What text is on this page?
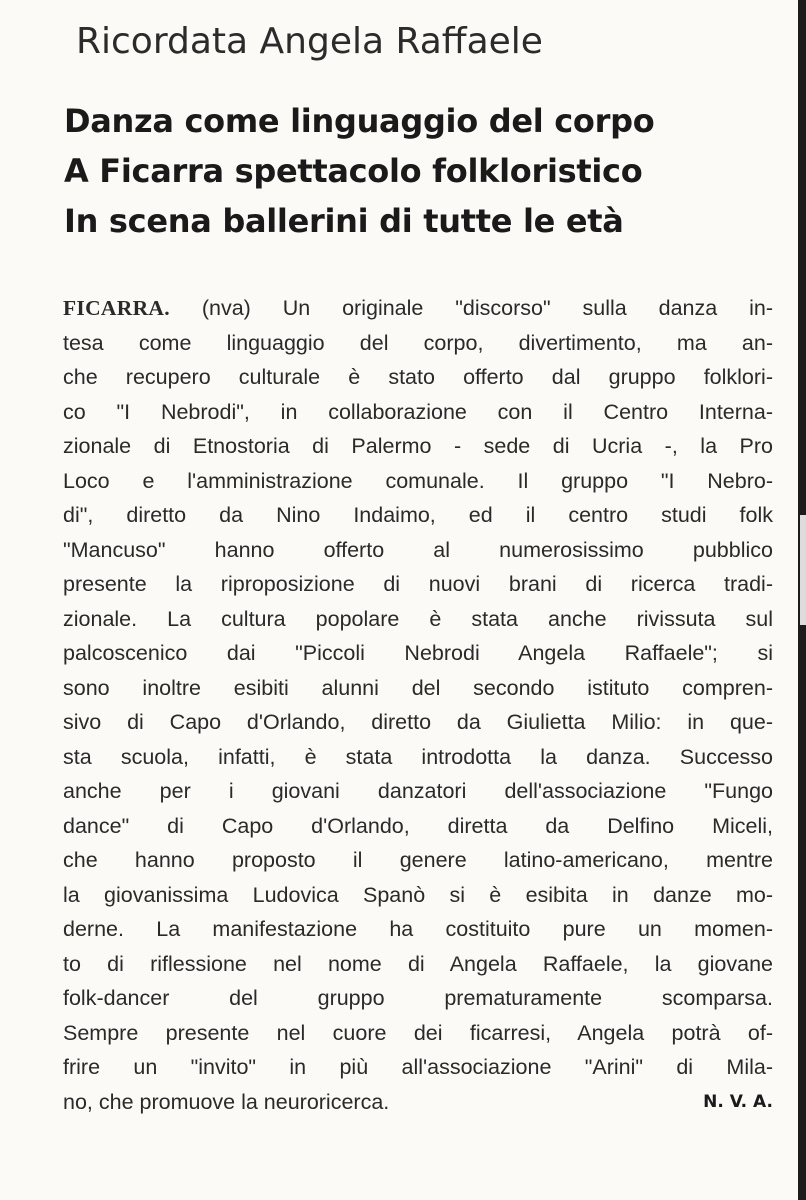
Ricordata Angela Raffaele
Danza come linguaggio del corpo
A Ficarra spettacolo folkloristico
In scena ballerini di tutte le età
FICARRA. (nva) Un originale "discorso" sulla danza in-
tesa come linguaggio del corpo, divertimento, ma an-
che recupero culturale è stato offerto dal gruppo folklori-
co "I Nebrodi", in collaborazione con il Centro Interna-
zionale di Etnostoria di Palermo - sede di Ucria -, la Pro
Loco e l'amministrazione comunale. Il gruppo "I Nebro-
di", diretto da Nino Indaimo, ed il centro studi folk
"Mancuso" hanno offerto al numerosissimo pubblico
presente la riproposizione di nuovi brani di ricerca tradi-
zionale. La cultura popolare è stata anche rivissuta sul
palcoscenico dai "Piccoli Nebrodi Angela Raffaele"; si
sono inoltre esibiti alunni del secondo istituto compren-
sivo di Capo d'Orlando, diretto da Giulietta Milio: in que-
sta scuola, infatti, è stata introdotta la danza. Successo
anche per i giovani danzatori dell'associazione "Fungo
dance" di Capo d'Orlando, diretta da Delfino Miceli,
che hanno proposto il genere latino-americano, mentre
la giovanissima Ludovica Spanò si è esibita in danze mo-
derne. La manifestazione ha costituito pure un momen-
to di riflessione nel nome di Angela Raffaele, la giovane
folk-dancer del gruppo prematuramente scomparsa.
Sempre presente nel cuore dei ficarresi, Angela potrà of-
frire un "invito" in più all'associazione "Arini" di Mila-
no, che promuove la neuroricerca.	N. V. A.
